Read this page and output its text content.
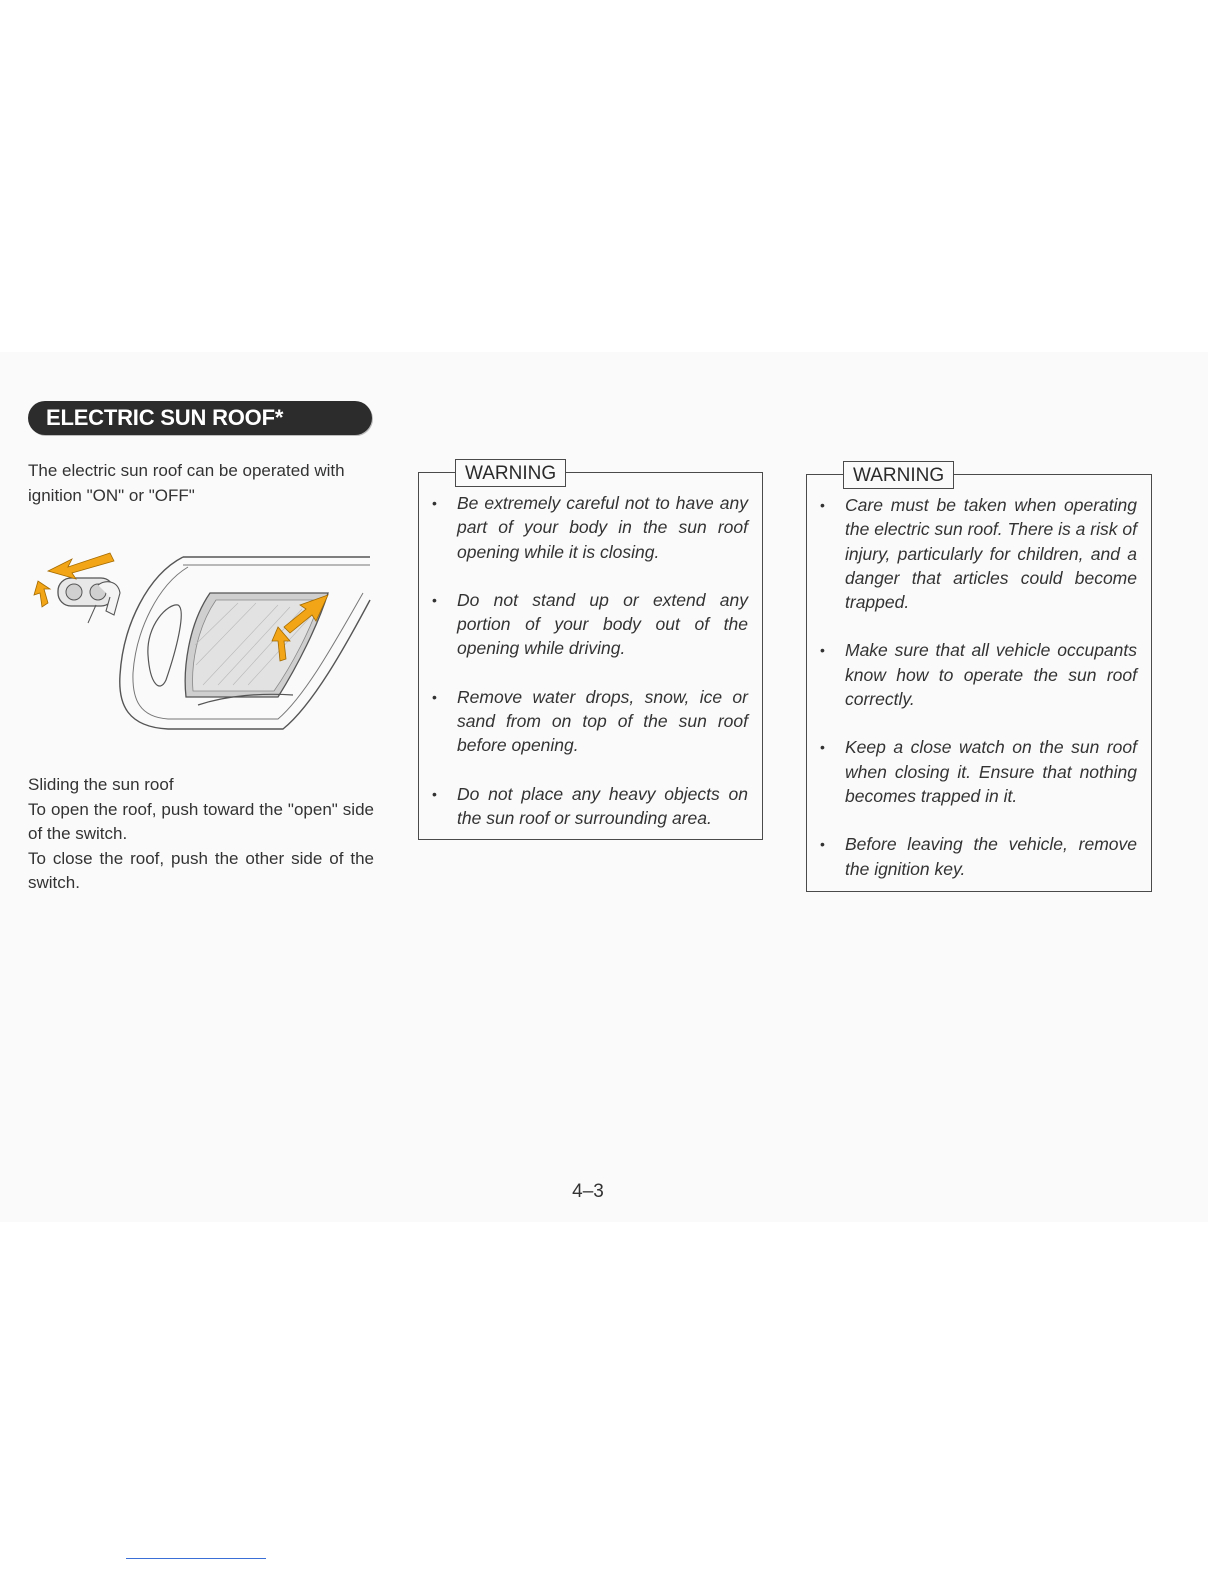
ELECTRIC SUN ROOF*
The electric sun roof can be operated with ignition "ON" or "OFF"

Sliding the sun roof

To open the roof, push toward the "open" side of the switch.

To close the roof, push the other side of the switch.

WARNING
• Be extremely careful not to have any part of your body in the sun roof opening while it is closing.
• Do not stand up or extend any portion of your body out of the opening while driving.
• Remove water drops, snow, ice or sand from on top of the sun roof before opening.
• Do not place any heavy objects on the sun roof or surrounding area.
WARNING
• Care must be taken when operating the electric sun roof. There is a risk of injury, particularly for children, and a danger that articles could become trapped.
• Make sure that all vehicle occupants know how to operate the sun roof correctly.
• Keep a close watch on the sun roof when closing it. Ensure that nothing becomes trapped in it.
• Before leaving the vehicle, remove the ignition key.
4–3
